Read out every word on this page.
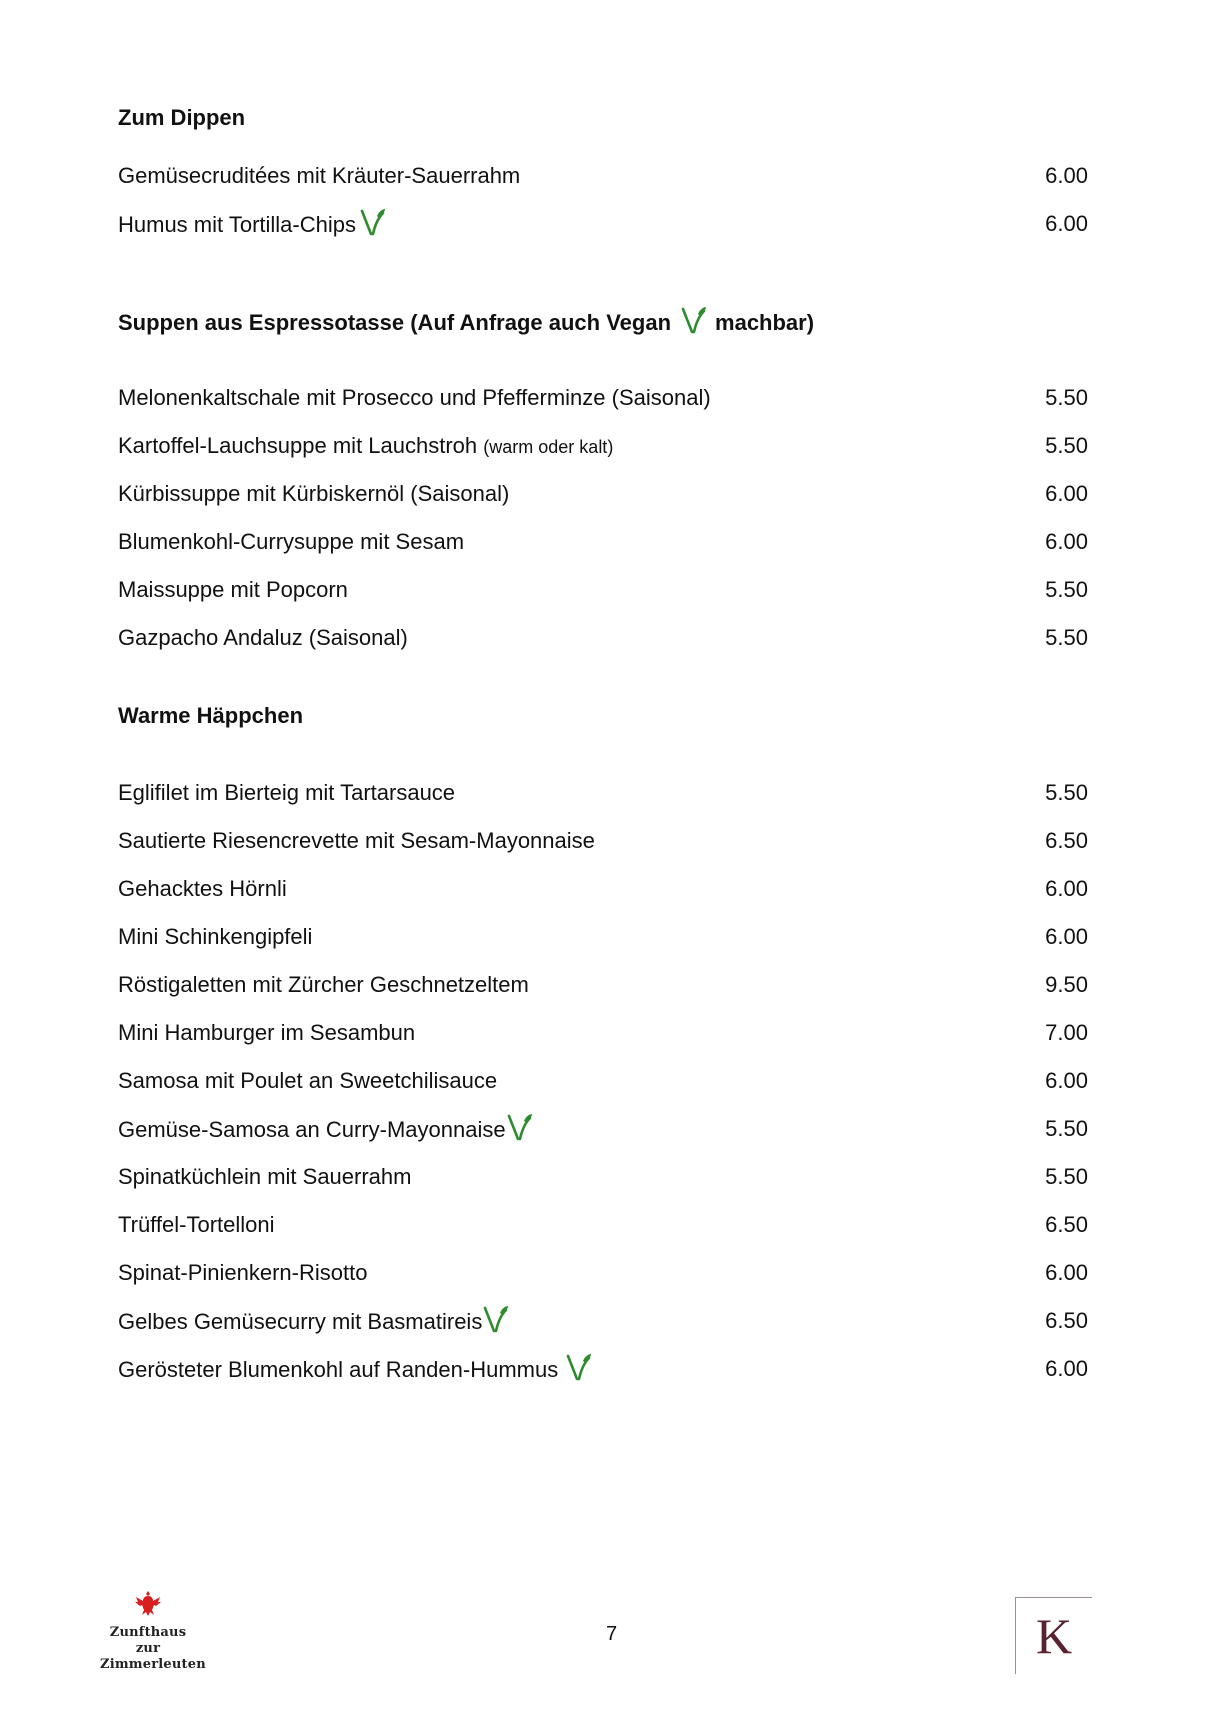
Zum Dippen
Gemüsecruditées mit Kräuter-Sauerrahm	6.00
Humus mit Tortilla-Chips	6.00
Suppen aus Espressotasse (Auf Anfrage auch Vegan machbar)
Melonenkaltschale mit Prosecco und Pfefferminze (Saisonal)	5.50
Kartoffel-Lauchsuppe mit Lauchstroh (warm oder kalt)	5.50
Kürbissuppe mit Kürbiskernöl (Saisonal)	6.00
Blumenkohl-Currysuppe mit Sesam	6.00
Maissuppe mit Popcorn	5.50
Gazpacho Andaluz (Saisonal)	5.50
Warme Häppchen
Eglifilet im Bierteig mit Tartarsauce	5.50
Sautierte Riesencrevette mit Sesam-Mayonnaise	6.50
Gehacktes Hörnli	6.00
Mini Schinkengipfeli	6.00
Röstigaletten mit Zürcher Geschnetzeltem	9.50
Mini Hamburger im Sesambun	7.00
Samosa mit Poulet an Sweetchilisauce	6.00
Gemüse-Samosa an Curry-Mayonnaise	5.50
Spinatküchlein mit Sauerrahm	5.50
Trüffel-Tortelloni	6.50
Spinat-Pinienkern-Risotto	6.00
Gelbes Gemüsecurry mit Basmatireis	6.50
Gerösteter Blumenkohl auf Randen-Hummus	6.00
Zunfthaus
zur
Zimmerleuten
7	K
